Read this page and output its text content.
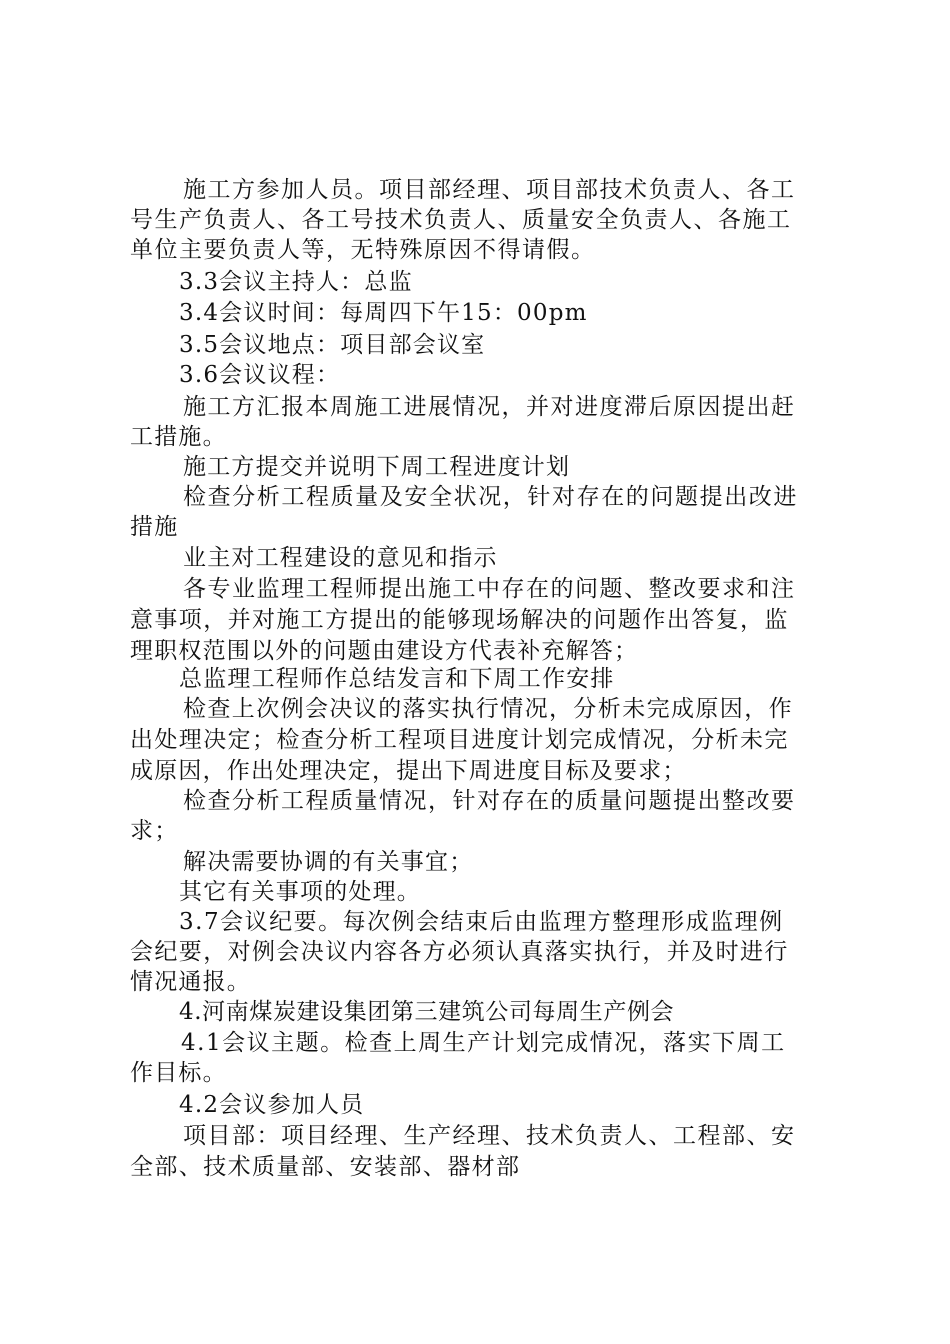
施工方参加人员。项目部经理、项目部技术负责人、各工
号生产负责人、各工号技术负责人、质量安全负责人、各施工
单位主要负责人等，无特殊原因不得请假。
3.3会议主持人：总监
3.4会议时间：每周四下午15：00pm
3.5会议地点：项目部会议室
3.6会议议程：
施工方汇报本周施工进展情况，并对进度滞后原因提出赶
工措施。
施工方提交并说明下周工程进度计划
检查分析工程质量及安全状况，针对存在的问题提出改进
措施
业主对工程建设的意见和指示
各专业监理工程师提出施工中存在的问题、整改要求和注
意事项，并对施工方提出的能够现场解决的问题作出答复，监
理职权范围以外的问题由建设方代表补充解答；
总监理工程师作总结发言和下周工作安排
检查上次例会决议的落实执行情况，分析未完成原因，作
出处理决定；检查分析工程项目进度计划完成情况，分析未完
成原因，作出处理决定，提出下周进度目标及要求；
检查分析工程质量情况，针对存在的质量问题提出整改要
求；
解决需要协调的有关事宜；
其它有关事项的处理。
3.7会议纪要。每次例会结束后由监理方整理形成监理例
会纪要，对例会决议内容各方必须认真落实执行，并及时进行
情况通报。
4.河南煤炭建设集团第三建筑公司每周生产例会
4.1会议主题。检查上周生产计划完成情况，落实下周工
作目标。
4.2会议参加人员
项目部：项目经理、生产经理、技术负责人、工程部、安
全部、技术质量部、安装部、器材部
